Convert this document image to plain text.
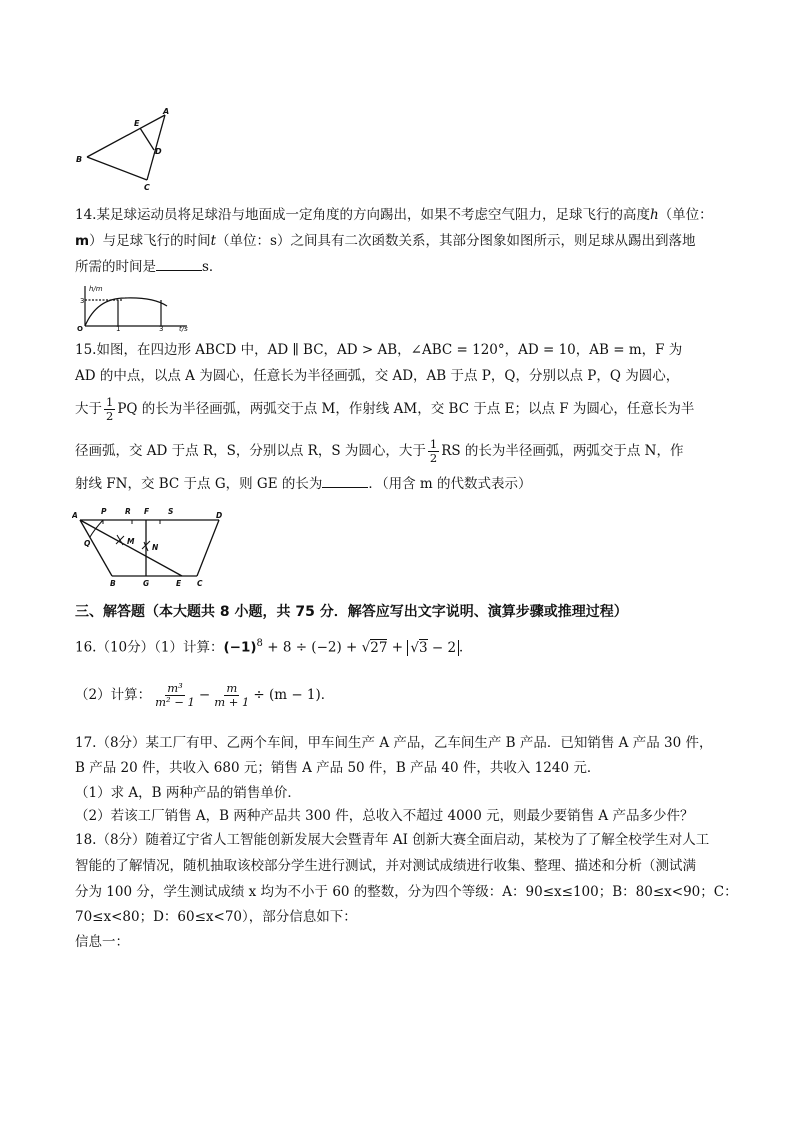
A
E
D
B
C
14.某足球运动员将足球沿与地面成一定角度的方向踢出，如果不考虑空气阻力，足球飞行的高度h（单位：
m）与足球飞行的时间t（单位：s）之间具有二次函数关系，其部分图象如图所示，则足球从踢出到落地
所需的时间是	s．
h/m
3
O	1	3 t/s
15.如图，在四边形 ABCD 中，AD ∥ BC，AD > AB，∠ABC = 120°，AD = 10，AB = m，F 为
AD 的中点，以点 A 为圆心，任意长为半径画弧，交 AD，AB 于点 P，Q，分别以点 P，Q 为圆心，
大于 $\frac{1}{2}$ PQ 的长为半径画弧，两弧交于点 M，作射线 AM，交 BC 于点 E；以点 F 为圆心，任意长为半
径画弧，交 AD 于点 R，S，分别以点 R，S 为圆心，大于 $\frac{1}{2}$ RS 的长为半径画弧，两弧交于点 N，作
射线 FN，交 BC 于点 G，则 GE 的长为	．（用含 m 的代数式表示）
A	P R F	S	D
Q	M
N
B	G	E C
三、解答题（本大题共 8 小题，共 75 分．解答应写出文字说明、演算步骤或推理过程）
16.（10分）（1）计算：$(-1)^8 + 8 \div (-2) + √27 + √3 - 2$ ．
（2）计算： $\frac{\text{m³}}{\text{m² − 1}} - \frac{m}{m + 1} \div (m - 1)$．
17.（8分）某工厂有甲、乙两个车间，甲车间生产 A 产品，乙车间生产 B 产品．已知销售 A 产品 30 件，
B 产品 20 件，共收入 680 元；销售 A 产品 50 件，B 产品 40 件，共收入 1240 元．
（1）求 A，B 两种产品的销售单价．
（2）若该工厂销售 A，B 两种产品共 300 件，总收入不超过 4000 元，则最少要销售 A 产品多少件？
18.（8分）随着辽宁省人工智能创新发展大会暨青年 AI 创新大赛全面启动，某校为了了解全校学生对人工
智能的了解情况，随机抽取该校部分学生进行测试，并对测试成绩进行收集、整理、描述和分析（测试满
分为 100 分，学生测试成绩 x 均为不小于 60 的整数，分为四个等级：A：90≤x≤100；B：80≤x<90；C：
70≤x<80；D：60≤x<70），部分信息如下：
信息一：
